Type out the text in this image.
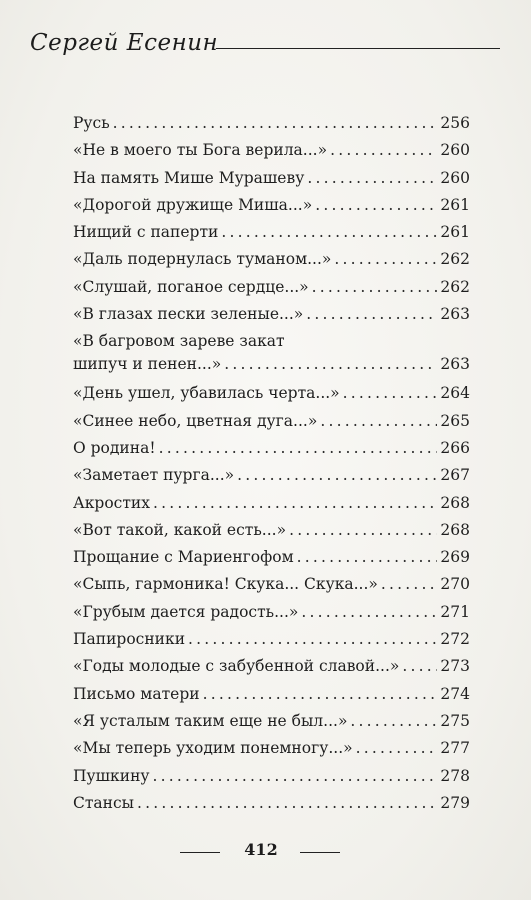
Сергей Есенин
Русь .....	256
«Не в моего ты Бога верила...» .....	260
На память Мише Мурашеву .....	260
«Дорогой дружище Миша...» .....	261
Нищий с паперти .....	261
«Даль подернулась туманом...» .....	262
«Слушай, поганое сердце...» .....	262
«В глазах пески зеленые...» .....	263
«В багровом зареве закат
шипуч и пенен...» .....	263
«День ушел, убавилась черта...» .....	264
«Синее небо, цветная дуга...» .....	265
О родина! .....	266
«Заметает пурга...» .....	267
Акростих .....	268
«Вот такой, какой есть...» .....	268
Прощание с Мариенгофом .....	269
«Сыпь, гармоника! Скука... Скука...» .....	270
«Грубым дается радость...» .....	271
Папиросники .....	272
«Годы молодые с забубенной славой...» .....	273
Письмо матери .....	274
«Я усталым таким еще не был...» .....	275
«Мы теперь уходим понемногу...» .....	277
Пушкину .....	278
Стансы .....	279
412
